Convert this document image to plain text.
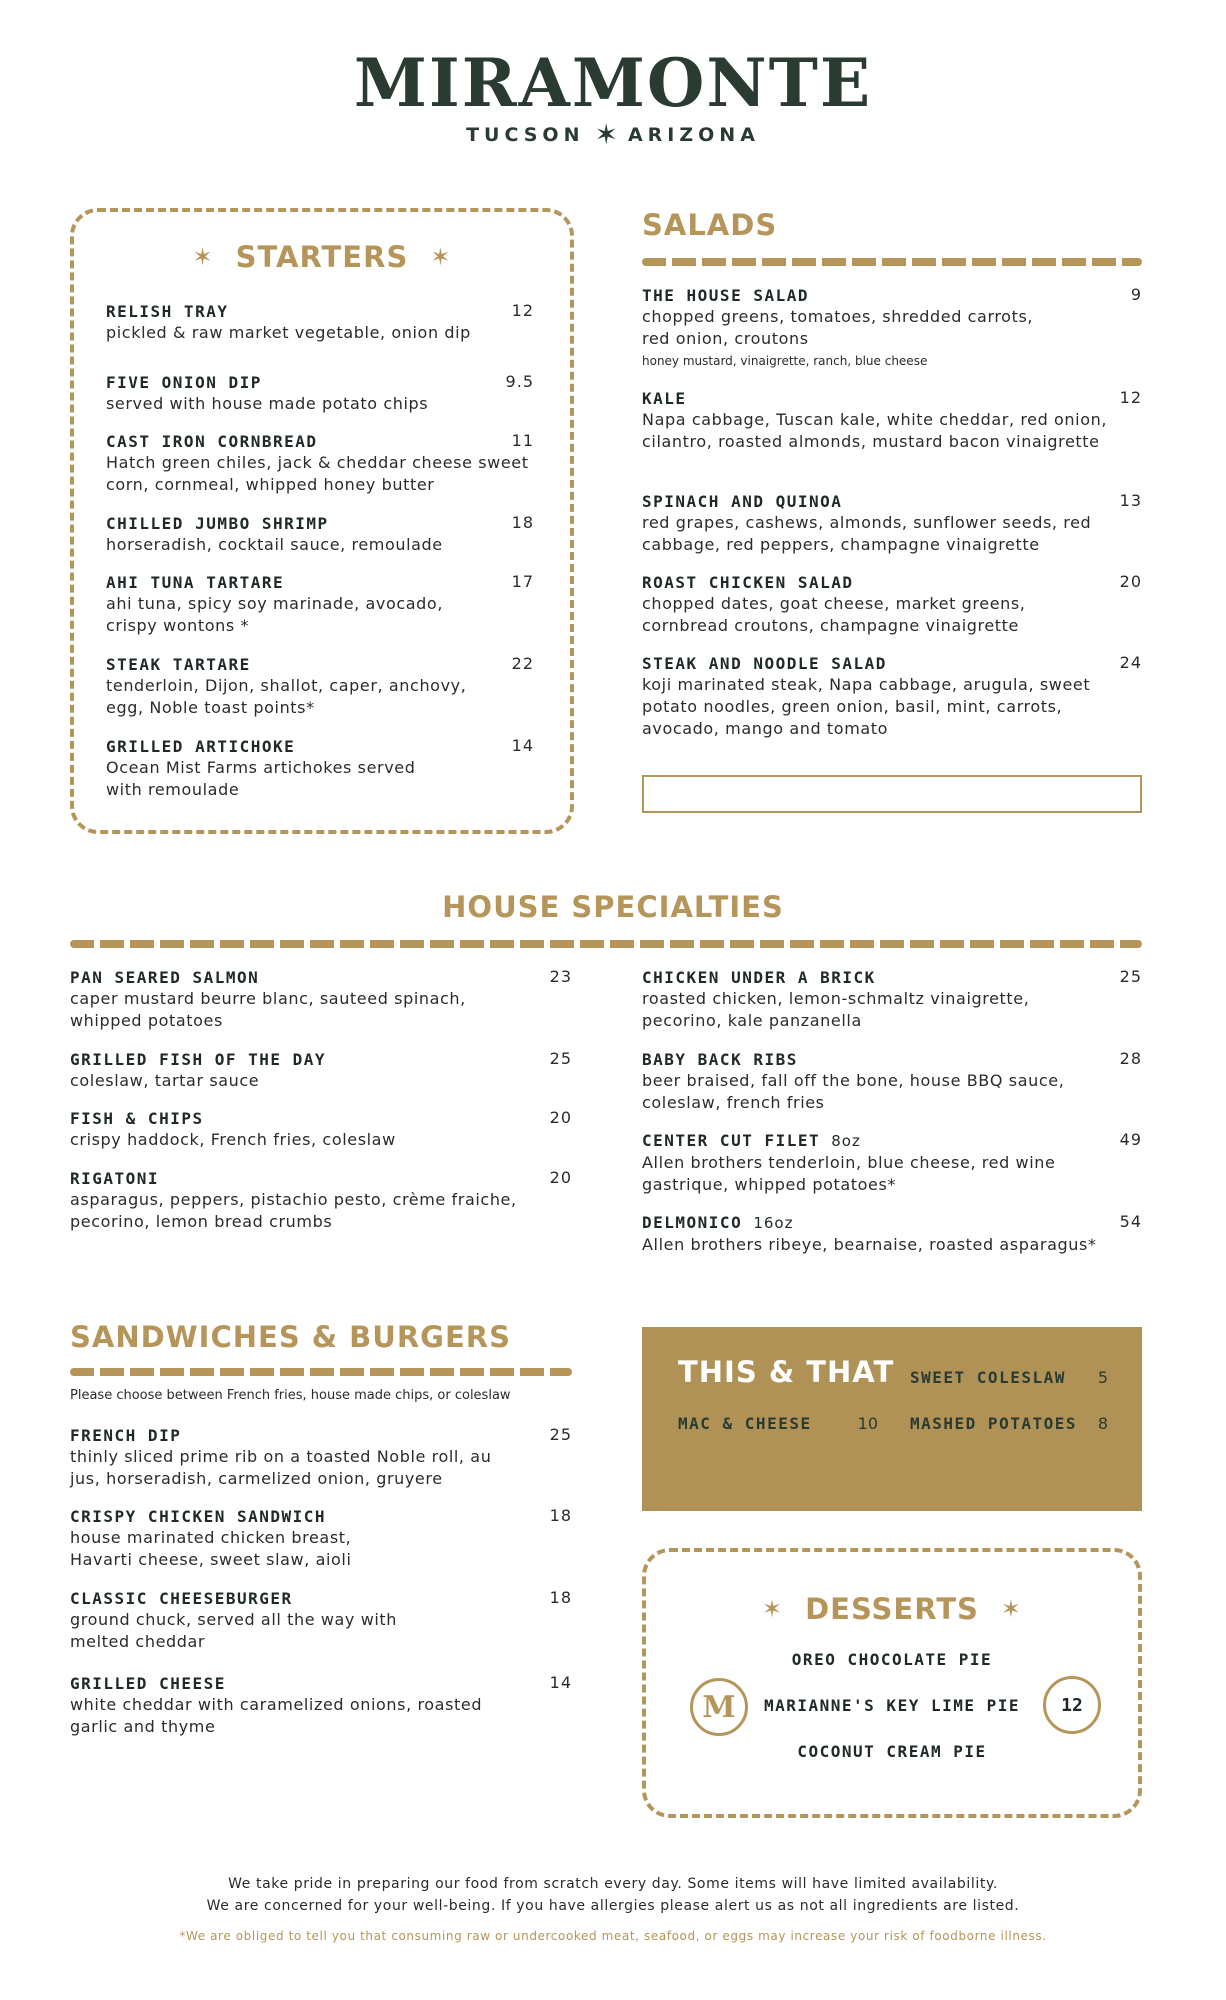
MIRAMONTE
TUCSON ✶ ARIZONA
✶ STARTERS ✶
RELISH TRAY	12
pickled & raw market vegetable, onion dip
FIVE ONION DIP	9.5
served with house made potato chips
CAST IRON CORNBREAD	11
Hatch green chiles, jack & cheddar cheese sweet corn, cornmeal, whipped honey butter
CHILLED JUMBO SHRIMP	18
horseradish, cocktail sauce, remoulade
AHI TUNA TARTARE	17
ahi tuna, spicy soy marinade, avocado, crispy wontons *
STEAK TARTARE	22
tenderloin, Dijon, shallot, caper, anchovy, egg, Noble toast points*
GRILLED ARTICHOKE	14
Ocean Mist Farms artichokes served with remoulade
SALADS
THE HOUSE SALAD	9
chopped greens, tomatoes, shredded carrots, red onion, croutons
honey mustard, vinaigrette, ranch, blue cheese
KALE	12
Napa cabbage, Tuscan kale, white cheddar, red onion, cilantro, roasted almonds, mustard bacon vinaigrette
SPINACH AND QUINOA	13
red grapes, cashews, almonds, sunflower seeds, red cabbage, red peppers, champagne vinaigrette
ROAST CHICKEN SALAD	20
chopped dates, goat cheese, market greens, cornbread croutons, champagne vinaigrette
STEAK AND NOODLE SALAD	24
koji marinated steak, Napa cabbage, arugula, sweet potato noodles, green onion, basil, mint, carrots, avocado, mango and tomato
HOUSE SPECIALTIES
PAN SEARED SALMON	23
caper mustard beurre blanc, sauteed spinach, whipped potatoes
GRILLED FISH OF THE DAY	25
coleslaw, tartar sauce
FISH & CHIPS	20
crispy haddock, French fries, coleslaw
RIGATONI	20
asparagus, peppers, pistachio pesto, crème fraiche, pecorino, lemon bread crumbs
CHICKEN UNDER A BRICK	25
roasted chicken, lemon-schmaltz vinaigrette, pecorino, kale panzanella
BABY BACK RIBS	28
beer braised, fall off the bone, house BBQ sauce, coleslaw, french fries
CENTER CUT FILET 8oz	49
Allen brothers tenderloin, blue cheese, red wine gastrique, whipped potatoes*
DELMONICO 16oz	54
Allen brothers ribeye, bearnaise, roasted asparagus*
SANDWICHES & BURGERS
Please choose between French fries, house made chips, or coleslaw
FRENCH DIP	25
thinly sliced prime rib on a toasted Noble roll, au jus, horseradish, carmelized onion, gruyere
CRISPY CHICKEN SANDWICH	18
house marinated chicken breast, Havarti cheese, sweet slaw, aioli
CLASSIC CHEESEBURGER	18
ground chuck, served all the way with melted cheddar
GRILLED CHEESE	14
white cheddar with caramelized onions, roasted garlic and thyme
THIS & THAT SWEET COLESLAW 5
MAC & CHEESE	10 MASHED POTATOES 8
✶ DESSERTS ✶
OREO CHOCOLATE PIE
MARIANNE'S KEY LIME PIE
COCONUT CREAM PIE
M	12
We take pride in preparing our food from scratch every day. Some items will have limited availability.
We are concerned for your well-being. If you have allergies please alert us as not all ingredients are listed.
*We are obliged to tell you that consuming raw or undercooked meat, seafood, or eggs may increase your risk of foodborne illness.
